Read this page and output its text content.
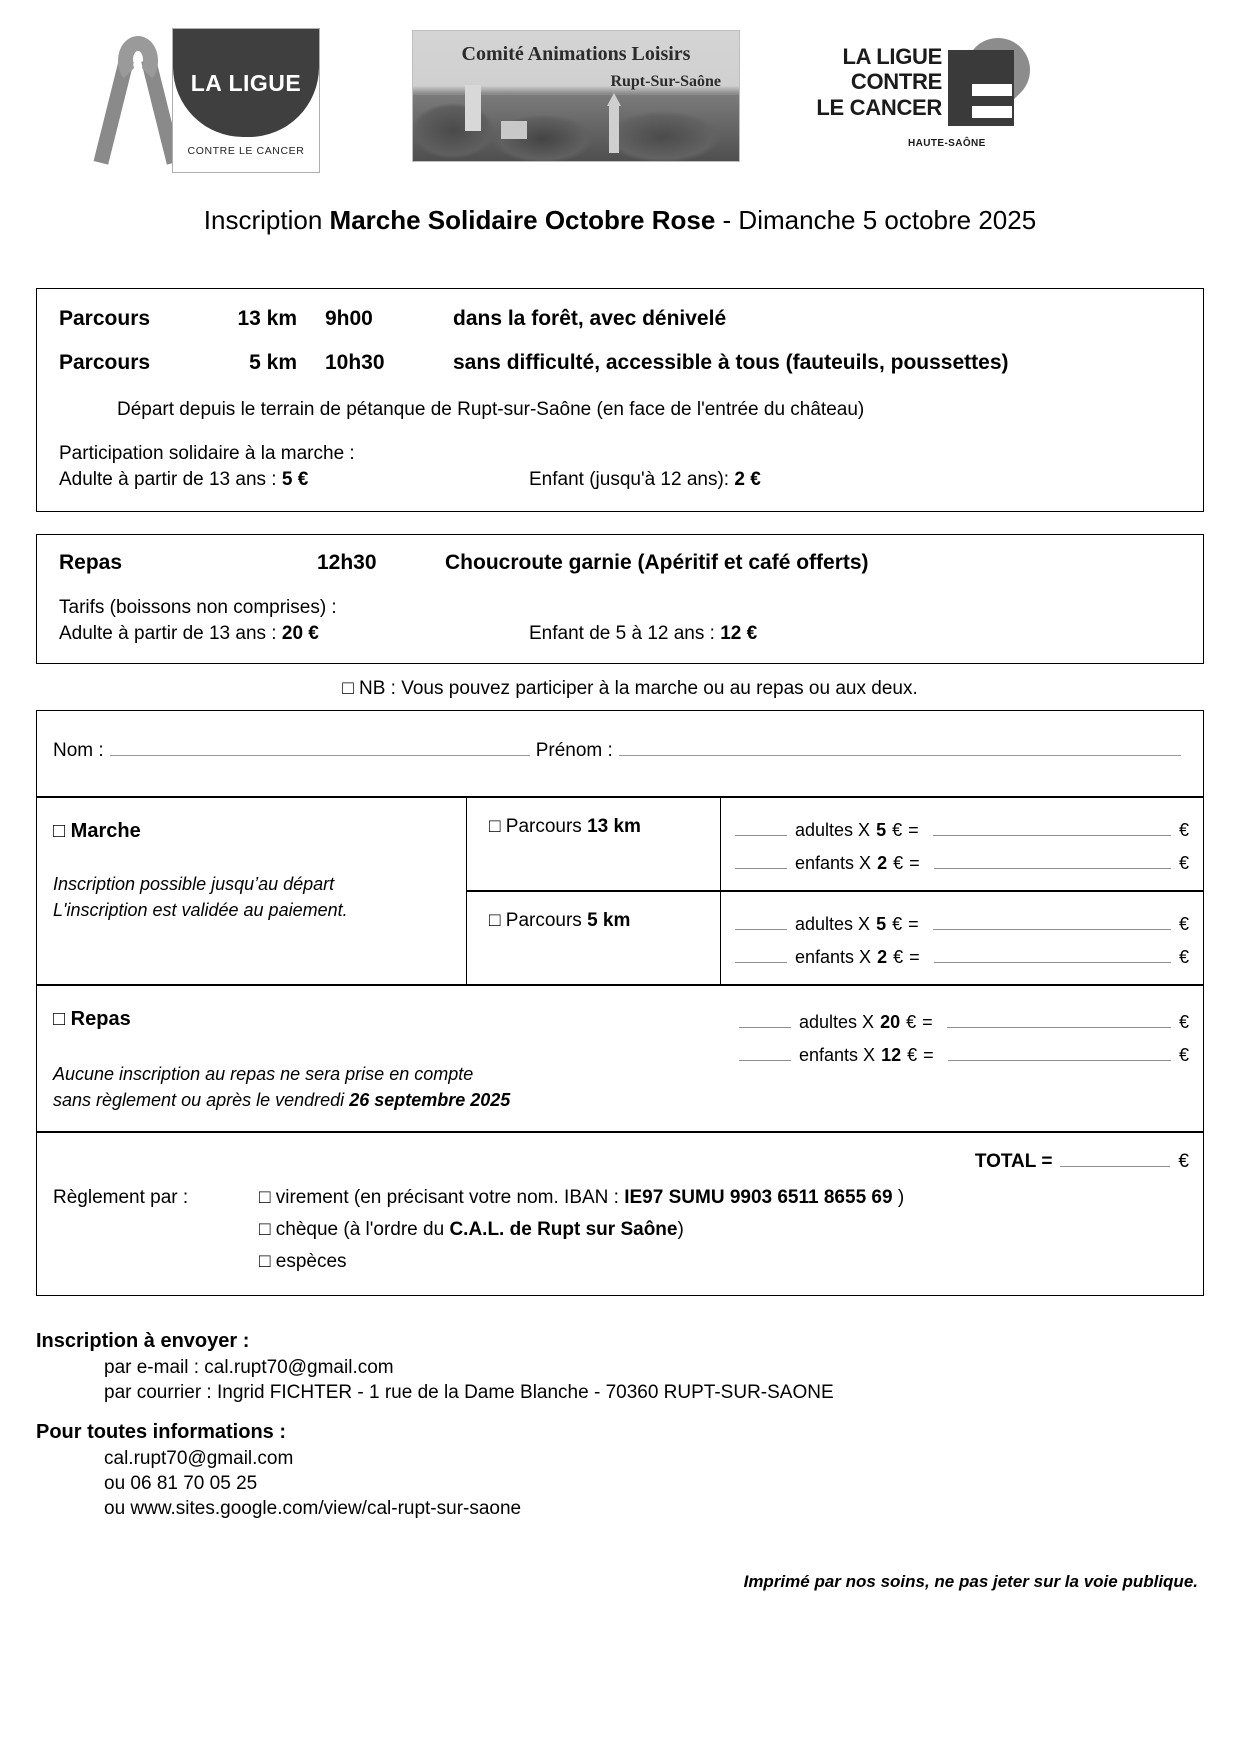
LA LIGUE
CONTRE LE CANCER
Comité Animations Loisirs
Rupt-Sur-Saône
LA LIGUE
CONTRE
LE CANCER
HAUTE-SAÔNE
Inscription Marche Solidaire Octobre Rose - Dimanche 5 octobre 2025
Parcours	13 km	9h00	dans la forêt, avec dénivelé
Parcours	5 km	10h30	sans difficulté, accessible à tous (fauteuils, poussettes)
Départ depuis le terrain de pétanque de Rupt-sur-Saône (en face de l'entrée du château)
Participation solidaire à la marche :
Adulte à partir de 13 ans : 5 €	Enfant (jusqu'à 12 ans): 2 €
Repas	12h30	Choucroute garnie (Apéritif et café offerts)
Tarifs (boissons non comprises) :
Adulte à partir de 13 ans : 20 €	Enfant de 5 à 12 ans : 12 €
□ NB : Vous pouvez participer à la marche ou au repas ou aux deux.
Nom :	Prénom :
□ Marche
Inscription possible jusqu’au départ
L'inscription est validée au paiement.
□ Parcours 13 km	adultes X 5 € =	€
enfants X 2 € =	€
□ Parcours 5 km	adultes X 5 € =	€
enfants X 2 € =	€
□ Repas
Aucune inscription au repas ne sera prise en compte
sans règlement ou après le vendredi 26 septembre 2025
adultes X 20 € =	€
enfants X 12 € =	€
TOTAL =	€
Règlement par :	□ virement (en précisant votre nom. IBAN : IE97 SUMU 9903 6511 8655 69 )
□ chèque (à l'ordre du C.A.L. de Rupt sur Saône)
□ espèces
Inscription à envoyer :
par e-mail : cal.rupt70@gmail.com
par courrier : Ingrid FICHTER - 1 rue de la Dame Blanche - 70360 RUPT-SUR-SAONE
Pour toutes informations :
cal.rupt70@gmail.com
ou 06 81 70 05 25
ou www.sites.google.com/view/cal-rupt-sur-saone
Imprimé par nos soins, ne pas jeter sur la voie publique.
